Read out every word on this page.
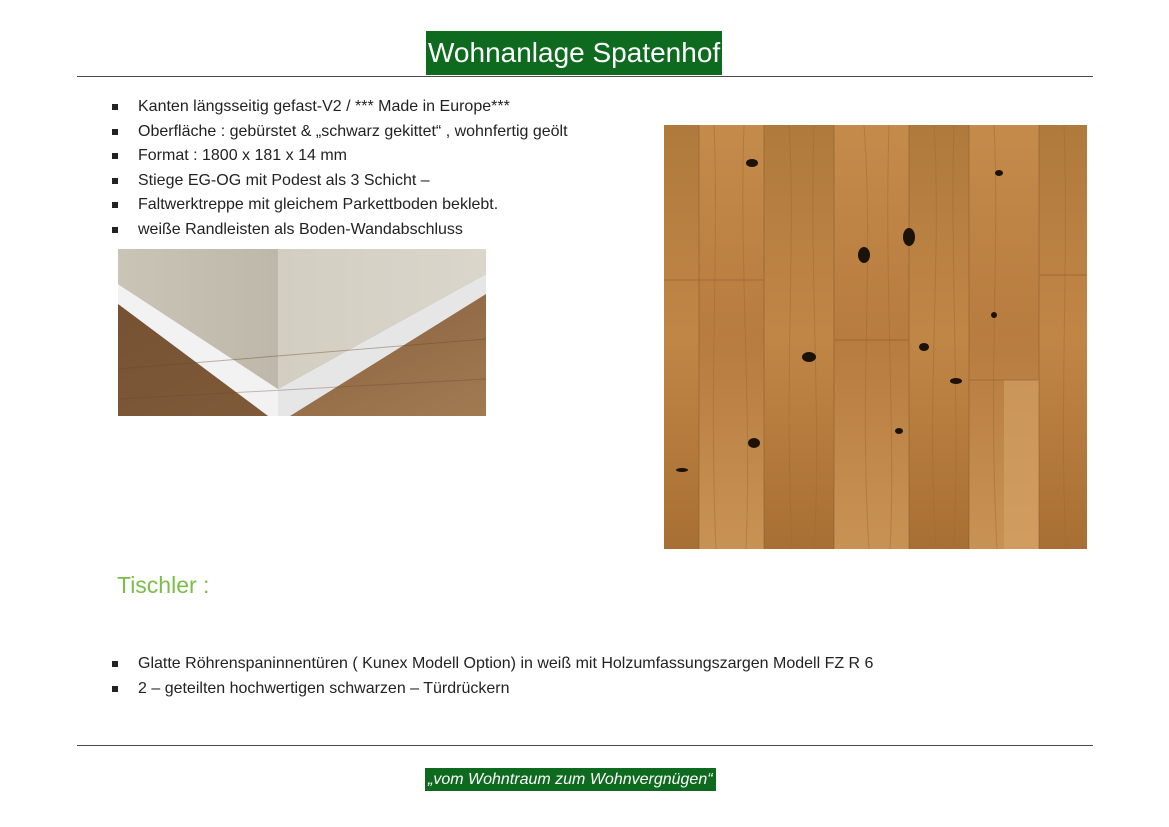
Wohnanlage Spatenhof
Kanten längsseitig gefast-V2 / *** Made in Europe***
Oberfläche : gebürstet & „schwarz gekittet“ , wohnfertig geölt
Format : 1800 x 181 x 14 mm
Stiege EG-OG mit Podest als 3 Schicht –
Faltwerktreppe mit gleichem Parkettboden beklebt.
weiße Randleisten als Boden-Wandabschluss
Tischler :
Glatte Röhrenspaninnentüren ( Kunex Modell Option) in weiß mit Holzumfassungszargen Modell FZ R 6
2 – geteilten hochwertigen schwarzen – Türdrückern
„vom Wohntraum zum Wohnvergnügen“
